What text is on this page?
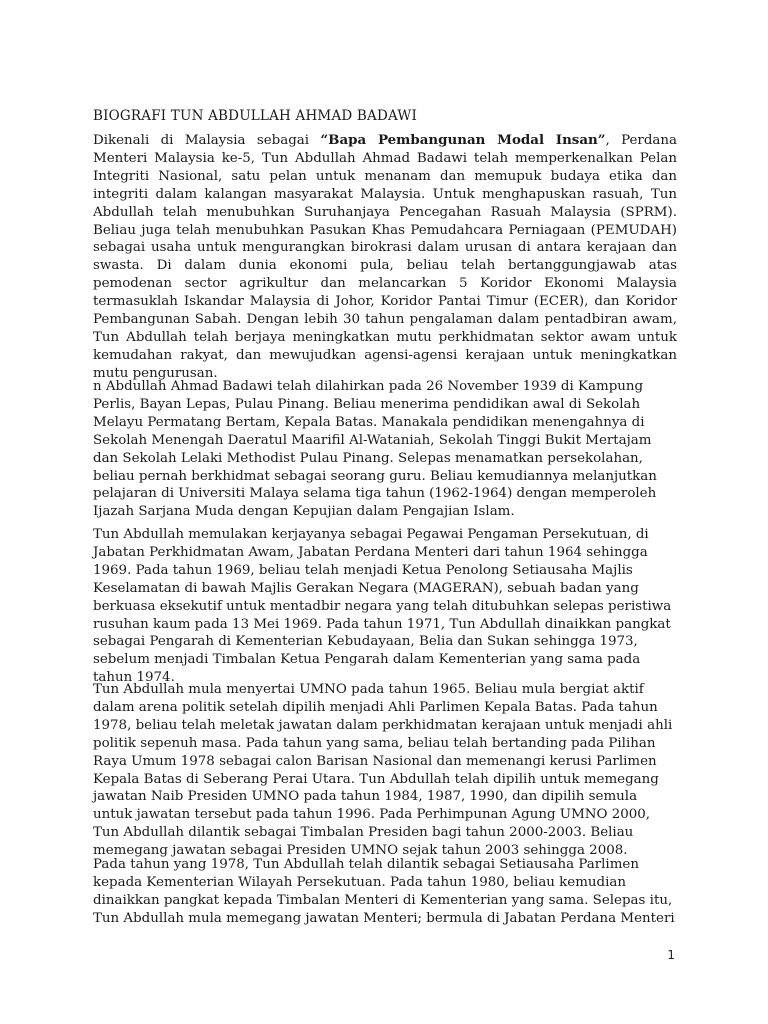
BIOGRAFI TUN ABDULLAH AHMAD BADAWI

Dikenali di Malaysia sebagai “Bapa Pembangunan Modal Insan”, Perdana Menteri Malaysia ke-5, Tun Abdullah Ahmad Badawi telah memperkenalkan Pelan Integriti Nasional, satu pelan untuk menanam dan memupuk budaya etika dan integriti dalam kalangan masyarakat Malaysia. Untuk menghapuskan rasuah, Tun Abdullah telah menubuhkan Suruhanjaya Pencegahan Rasuah Malaysia (SPRM). Beliau juga telah menubuhkan Pasukan Khas Pemudahcara Perniagaan (PEMUDAH) sebagai usaha untuk mengurangkan birokrasi dalam urusan di antara kerajaan dan swasta. Di dalam dunia ekonomi pula, beliau telah bertanggungjawab atas pemodenan sector agrikultur dan melancarkan 5 Koridor Ekonomi Malaysia termasuklah Iskandar Malaysia di Johor, Koridor Pantai Timur (ECER), dan Koridor Pembangunan Sabah. Dengan lebih 30 tahun pengalaman dalam pentadbiran awam, Tun Abdullah telah berjaya meningkatkan mutu perkhidmatan sektor awam untuk kemudahan rakyat, dan mewujudkan agensi-agensi kerajaan untuk meningkatkan mutu pengurusan.

n Abdullah Ahmad Badawi telah dilahirkan pada 26 November 1939 di Kampung Perlis, Bayan Lepas, Pulau Pinang. Beliau menerima pendidikan awal di Sekolah Melayu Permatang Bertam, Kepala Batas. Manakala pendidikan menengahnya di Sekolah Menengah Daeratul Maarifil Al-Wataniah, Sekolah Tinggi Bukit Mertajam dan Sekolah Lelaki Methodist Pulau Pinang. Selepas menamatkan persekolahan, beliau pernah berkhidmat sebagai seorang guru. Beliau kemudiannya melanjutkan pelajaran di Universiti Malaya selama tiga tahun (1962-1964) dengan memperoleh Ijazah Sarjana Muda dengan Kepujian dalam Pengajian Islam.

Tun Abdullah memulakan kerjayanya sebagai Pegawai Pengaman Persekutuan, di Jabatan Perkhidmatan Awam, Jabatan Perdana Menteri dari tahun 1964 sehingga 1969. Pada tahun 1969, beliau telah menjadi Ketua Penolong Setiausaha Majlis Keselamatan di bawah Majlis Gerakan Negara (MAGERAN), sebuah badan yang berkuasa eksekutif untuk mentadbir negara yang telah ditubuhkan selepas peristiwa rusuhan kaum pada 13 Mei 1969. Pada tahun 1971, Tun Abdullah dinaikkan pangkat sebagai Pengarah di Kementerian Kebudayaan, Belia dan Sukan sehingga 1973, sebelum menjadi Timbalan Ketua Pengarah dalam Kementerian yang sama pada tahun 1974.

Tun Abdullah mula menyertai UMNO pada tahun 1965. Beliau mula bergiat aktif dalam arena politik setelah dipilih menjadi Ahli Parlimen Kepala Batas. Pada tahun 1978, beliau telah meletak jawatan dalam perkhidmatan kerajaan untuk menjadi ahli politik sepenuh masa. Pada tahun yang sama, beliau telah bertanding pada Pilihan Raya Umum 1978 sebagai calon Barisan Nasional dan memenangi kerusi Parlimen Kepala Batas di Seberang Perai Utara. Tun Abdullah telah dipilih untuk memegang jawatan Naib Presiden UMNO pada tahun 1984, 1987, 1990, dan dipilih semula untuk jawatan tersebut pada tahun 1996. Pada Perhimpunan Agung UMNO 2000, Tun Abdullah dilantik sebagai Timbalan Presiden bagi tahun 2000-2003. Beliau memegang jawatan sebagai Presiden UMNO sejak tahun 2003 sehingga 2008.

Pada tahun yang 1978, Tun Abdullah telah dilantik sebagai Setiausaha Parlimen kepada Kementerian Wilayah Persekutuan. Pada tahun 1980, beliau kemudian dinaikkan pangkat kepada Timbalan Menteri di Kementerian yang sama. Selepas itu, Tun Abdullah mula memegang jawatan Menteri; bermula di Jabatan Perdana Menteri

1
